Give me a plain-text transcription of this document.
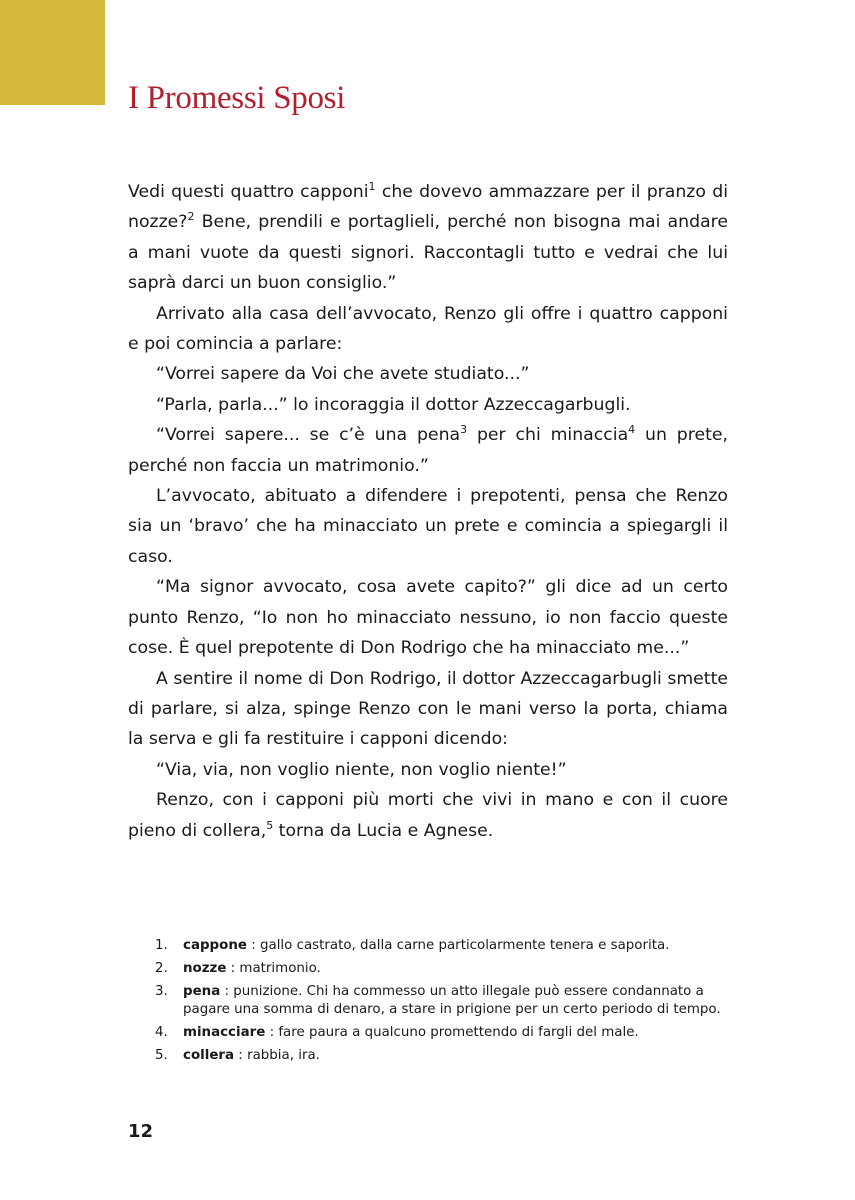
I Promessi Sposi

Vedi questi quattro capponi$^1$ che dovevo ammazzare per il pranzo di nozze?$^2$ Bene, prendili e portaglieli, perché non bisogna mai andare a mani vuote da questi signori. Raccontagli tutto e vedrai che lui saprà darci un buon consiglio.”

Arrivato alla casa dell’avvocato, Renzo gli offre i quattro capponi e poi comincia a parlare:

“Vorrei sapere da Voi che avete studiato...”

“Parla, parla...” lo incoraggia il dottor Azzeccagarbugli.

“Vorrei sapere... se c’è una pena$^3$ per chi minaccia$^4$ un prete, perché non faccia un matrimonio.”

L’avvocato, abituato a difendere i prepotenti, pensa che Renzo sia un ‘bravo’ che ha minacciato un prete e comincia a spiegargli il caso.

“Ma signor avvocato, cosa avete capito?” gli dice ad un certo punto Renzo, “Io non ho minacciato nessuno, io non faccio queste cose. È quel prepotente di Don Rodrigo che ha minacciato me...”

A sentire il nome di Don Rodrigo, il dottor Azzeccagarbugli smette di parlare, si alza, spinge Renzo con le mani verso la porta, chiama la serva e gli fa restituire i capponi dicendo:

“Via, via, non voglio niente, non voglio niente!”

Renzo, con i capponi più morti che vivi in mano e con il cuore pieno di collera,$^5$ torna da Lucia e Agnese.

1. cappone : gallo castrato, dalla carne particolarmente tenera e saporita.
2. nozze : matrimonio.
3. pena : punizione. Chi ha commesso un atto illegale può essere condannato a pagare una somma di denaro, a stare in prigione per un certo periodo di tempo.
4. minacciare : fare paura a qualcuno promettendo di fargli del male.
5. collera : rabbia, ira.
12
